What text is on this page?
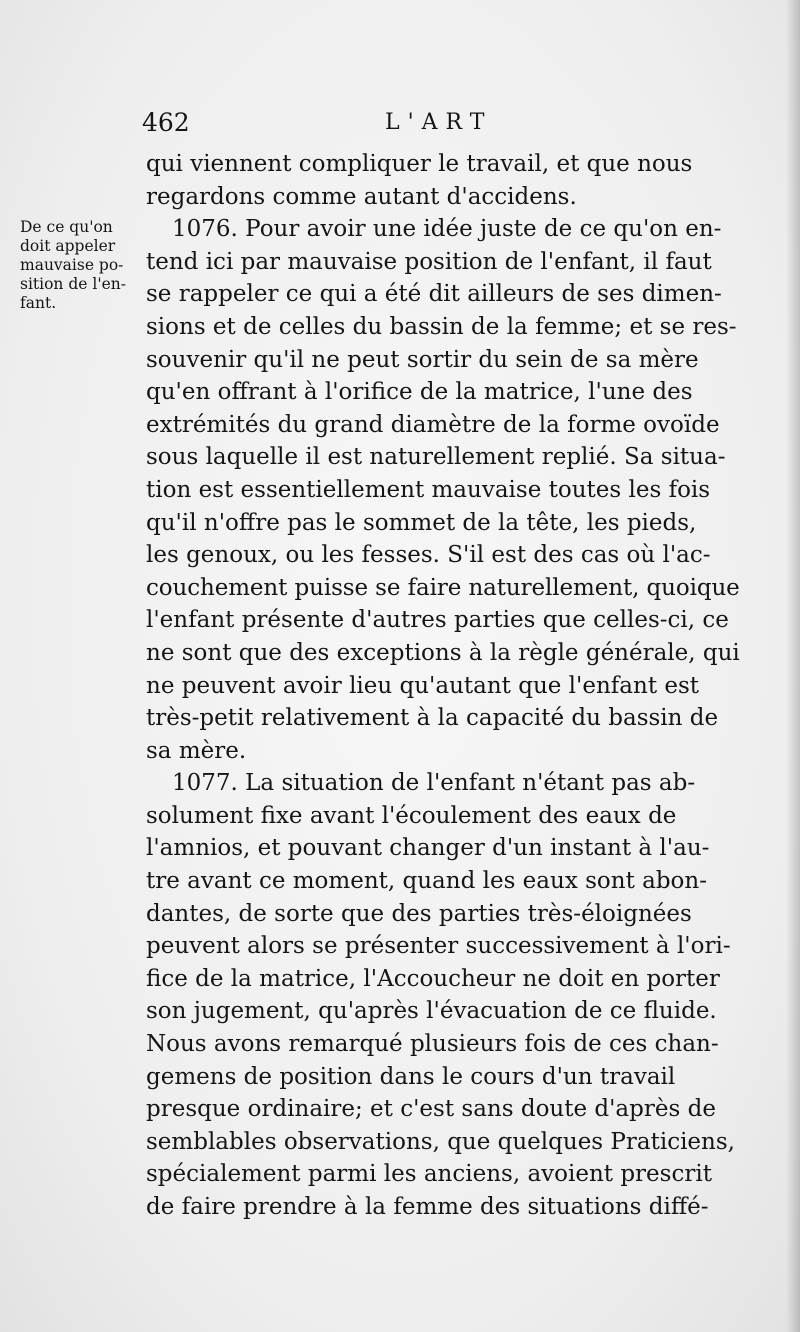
462	L'ART
De ce qu'on
doit appeler
mauvaise po-
sition de l'en-
fant.
qui viennent compliquer le travail, et que nous
regardons comme autant d'accidens.
1076. Pour avoir une idée juste de ce qu'on en-
tend ici par mauvaise position de l'enfant, il faut
se rappeler ce qui a été dit ailleurs de ses dimen-
sions et de celles du bassin de la femme; et se res-
souvenir qu'il ne peut sortir du sein de sa mère
qu'en offrant à l'orifice de la matrice, l'une des
extrémités du grand diamètre de la forme ovoïde
sous laquelle il est naturellement replié. Sa situa-
tion est essentiellement mauvaise toutes les fois
qu'il n'offre pas le sommet de la tête, les pieds,
les genoux, ou les fesses. S'il est des cas où l'ac-
couchement puisse se faire naturellement, quoique
l'enfant présente d'autres parties que celles-ci, ce
ne sont que des exceptions à la règle générale, qui
ne peuvent avoir lieu qu'autant que l'enfant est
très-petit relativement à la capacité du bassin de
sa mère.
1077. La situation de l'enfant n'étant pas ab-
solument fixe avant l'écoulement des eaux de
l'amnios, et pouvant changer d'un instant à l'au-
tre avant ce moment, quand les eaux sont abon-
dantes, de sorte que des parties très-éloignées
peuvent alors se présenter successivement à l'ori-
fice de la matrice, l'Accoucheur ne doit en porter
son jugement, qu'après l'évacuation de ce fluide.
Nous avons remarqué plusieurs fois de ces chan-
gemens de position dans le cours d'un travail
presque ordinaire; et c'est sans doute d'après de
semblables observations, que quelques Praticiens,
spécialement parmi les anciens, avoient prescrit
de faire prendre à la femme des situations diffé-
